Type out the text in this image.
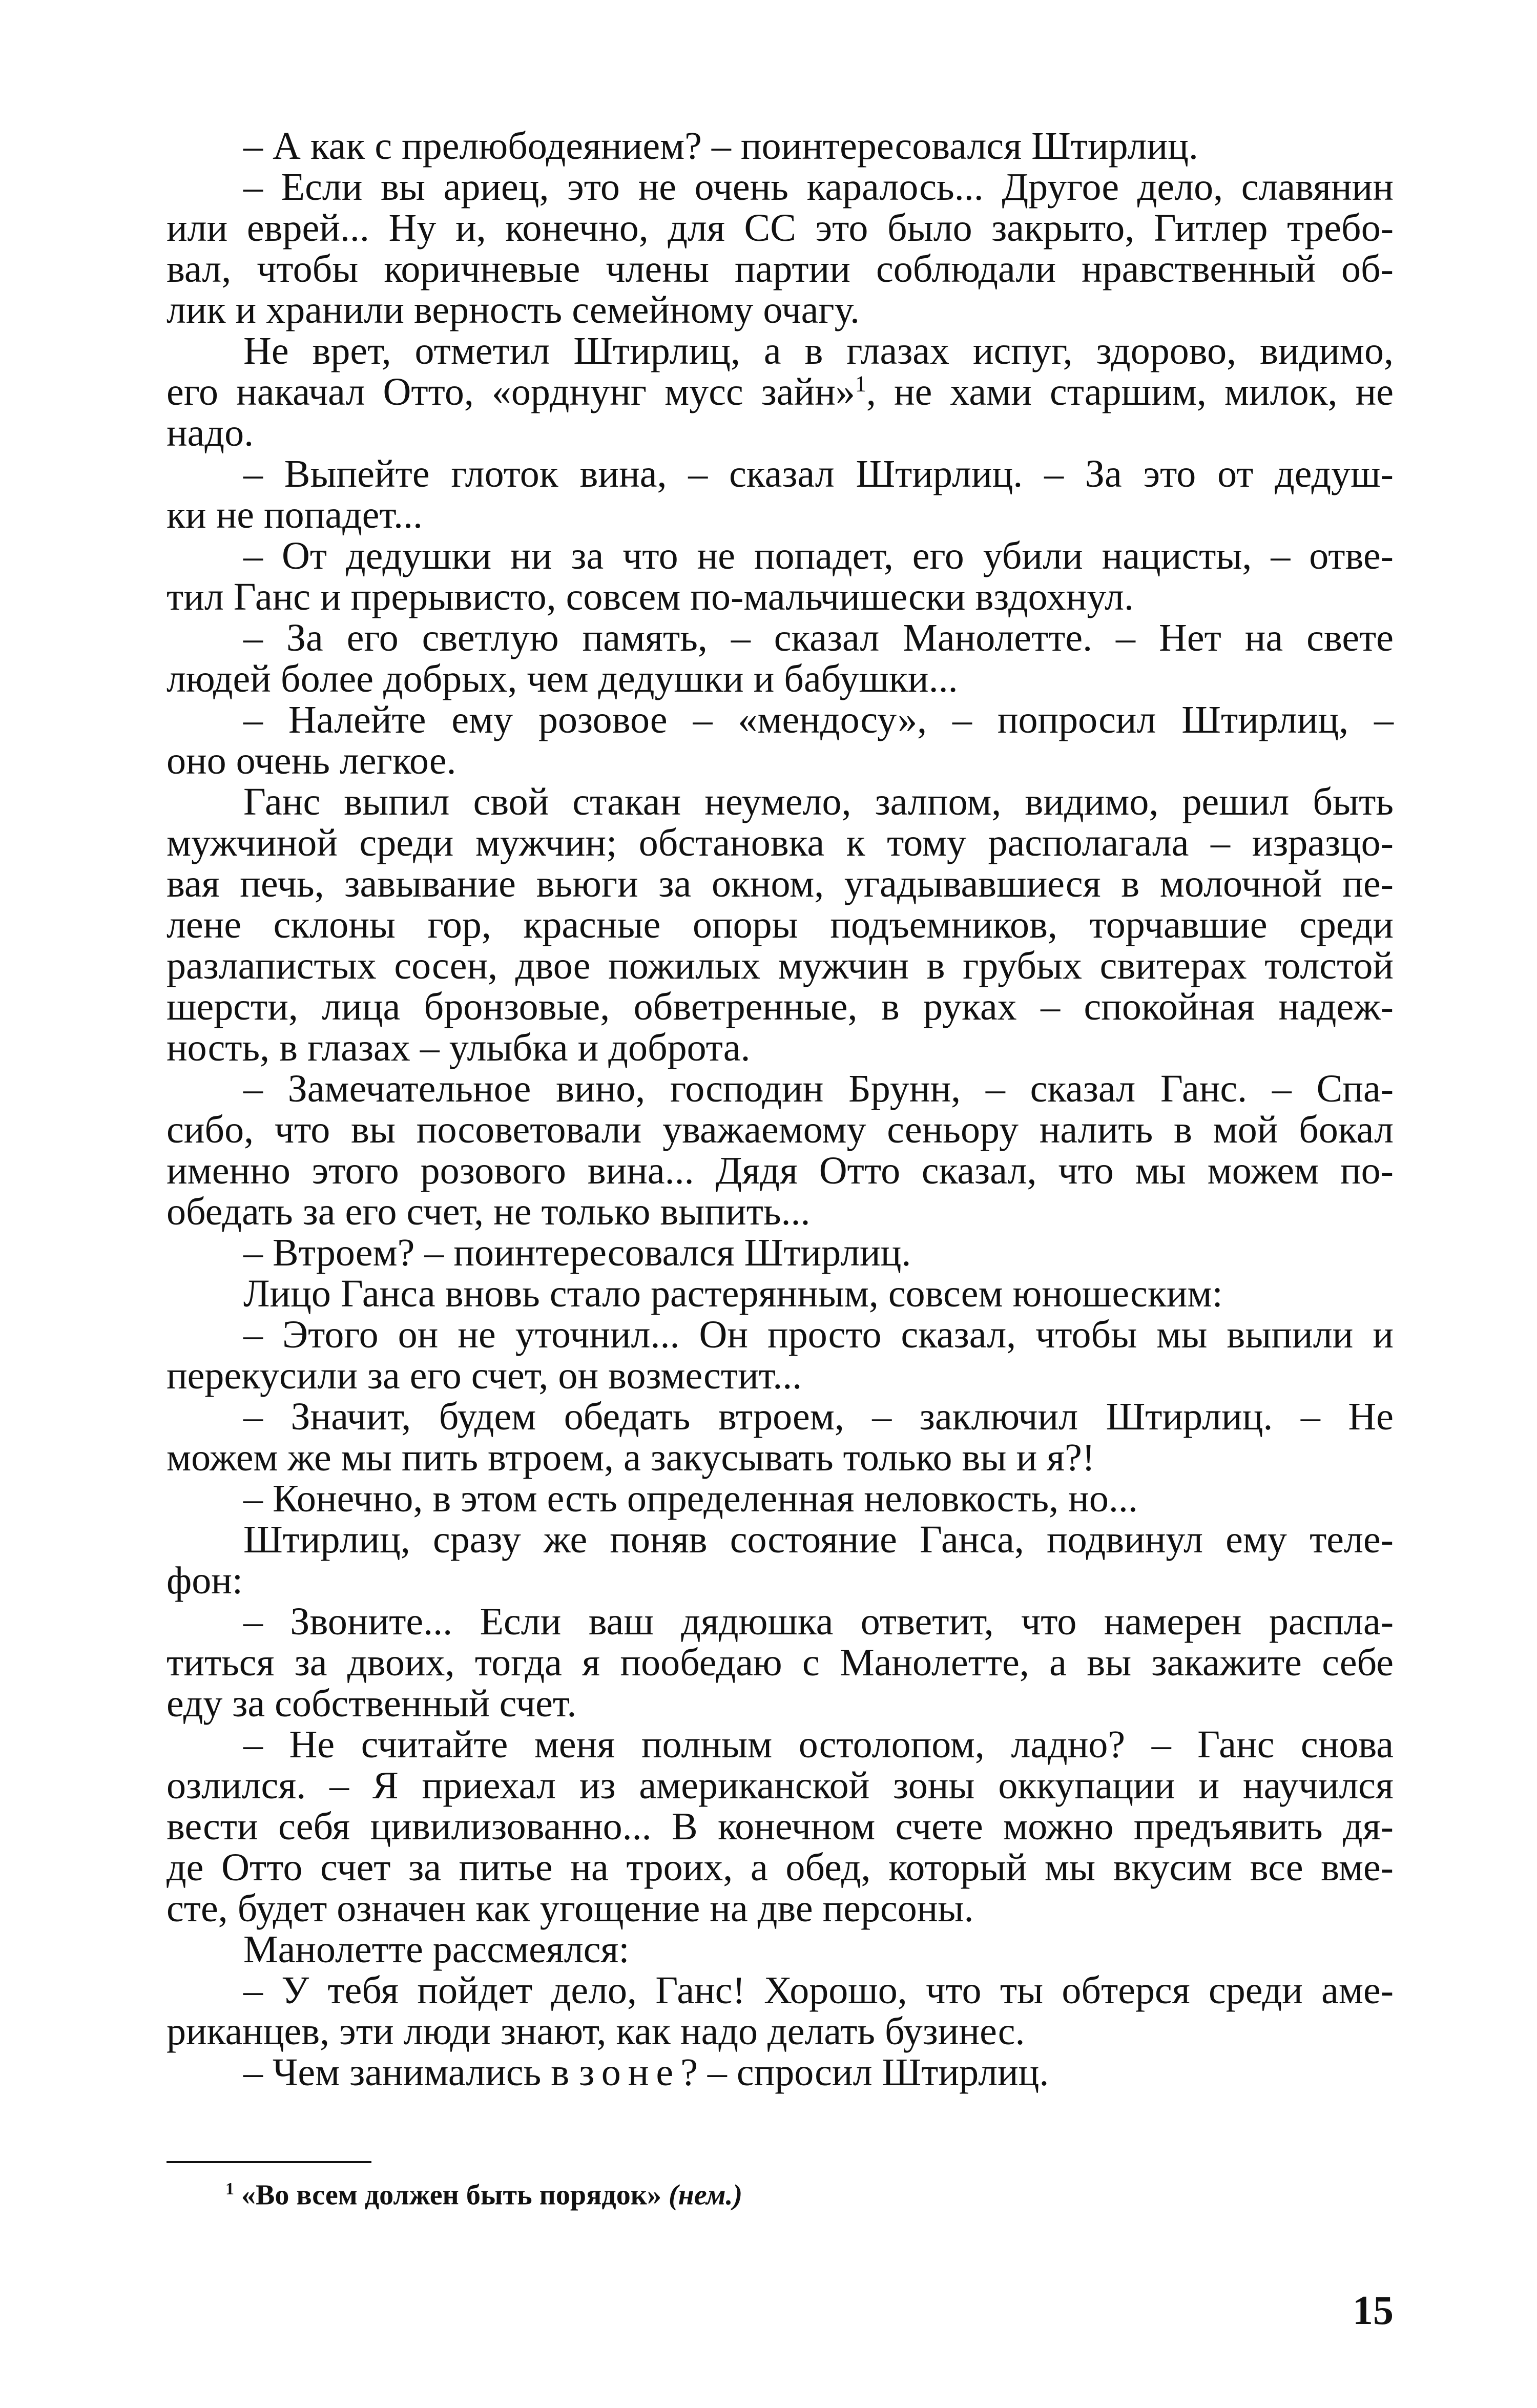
– А как с прелюбодеянием? – поинтересовался Штирлиц.
– Если вы ариец, это не очень каралось... Другое дело, славянин
или еврей... Ну и, конечно, для СС это было закрыто, Гитлер требо-
вал, чтобы коричневые члены партии соблюдали нравственный об-
лик и хранили верность семейному очагу.
Не врет, отметил Штирлиц, а в глазах испуг, здорово, видимо,
его накачал Отто, «орднунг мусс зайн»$^1$, не хами старшим, милок, не
надо.
– Выпейте глоток вина, – сказал Штирлиц. – За это от дедуш-
ки не попадет...
– От дедушки ни за что не попадет, его убили нацисты, – отве-
тил Ганс и прерывисто, совсем по-мальчишески вздохнул.
– За его светлую память, – сказал Манолетте. – Нет на свете
людей более добрых, чем дедушки и бабушки...
– Налейте ему розовое – «мендосу», – попросил Штирлиц, –
оно очень легкое.
Ганс выпил свой стакан неумело, залпом, видимо, решил быть
мужчиной среди мужчин; обстановка к тому располагала – изразцо-
вая печь, завывание вьюги за окном, угадывавшиеся в молочной пе-
лене склоны гор, красные опоры подъемников, торчавшие среди
разлапистых сосен, двое пожилых мужчин в грубых свитерах толстой
шерсти, лица бронзовые, обветренные, в руках – спокойная надеж-
ность, в глазах – улыбка и доброта.
– Замечательное вино, господин Брунн, – сказал Ганс. – Спа-
сибо, что вы посоветовали уважаемому сеньору налить в мой бокал
именно этого розового вина... Дядя Отто сказал, что мы можем по-
обедать за его счет, не только выпить...
– Втроем? – поинтересовался Штирлиц.
Лицо Ганса вновь стало растерянным, совсем юношеским:
– Этого он не уточнил... Он просто сказал, чтобы мы выпили и
перекусили за его счет, он возместит...
– Значит, будем обедать втроем, – заключил Штирлиц. – Не
можем же мы пить втроем, а закусывать только вы и я?!
– Конечно, в этом есть определенная неловкость, но...
Штирлиц, сразу же поняв состояние Ганса, подвинул ему теле-
фон:
– Звоните... Если ваш дядюшка ответит, что намерен распла-
титься за двоих, тогда я пообедаю с Манолетте, а вы закажите себе
еду за собственный счет.
– Не считайте меня полным остолопом, ладно? – Ганс снова
озлился. – Я приехал из американской зоны оккупации и научился
вести себя цивилизованно... В конечном счете можно предъявить дя-
де Отто счет за питье на троих, а обед, который мы вкусим все вме-
сте, будет означен как угощение на две персоны.
Манолетте рассмеялся:
– У тебя пойдет дело, Ганс! Хорошо, что ты обтерся среди аме-
риканцев, эти люди знают, как надо делать бузинес.
– Чем занимались в зоне? – спросил Штирлиц.
$^1$ «Во всем должен быть порядок» (нем.)
15
